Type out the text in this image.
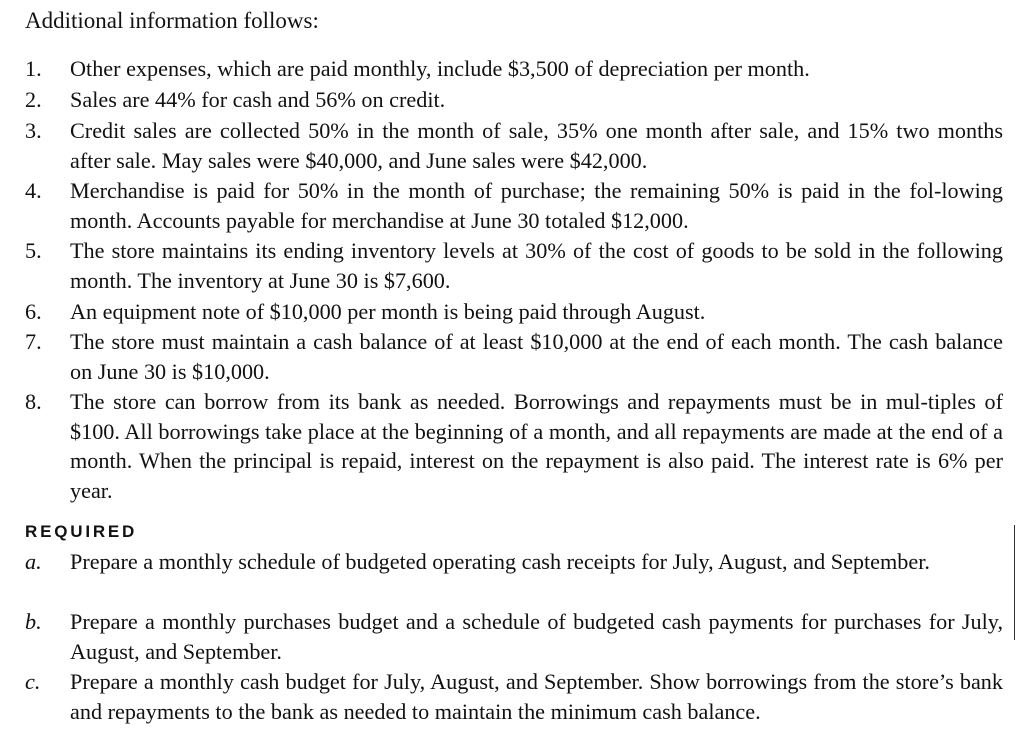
Additional information follows:
1. Other expenses, which are paid monthly, include $3,500 of depreciation per month.
2. Sales are 44% for cash and 56% on credit.
3. Credit sales are collected 50% in the month of sale, 35% one month after sale, and 15% two months after sale. May sales were $40,000, and June sales were $42,000.
4. Merchandise is paid for 50% in the month of purchase; the remaining 50% is paid in the fol-lowing month. Accounts payable for merchandise at June 30 totaled $12,000.
5. The store maintains its ending inventory levels at 30% of the cost of goods to be sold in the following month. The inventory at June 30 is $7,600.
6. An equipment note of $10,000 per month is being paid through August.
7. The store must maintain a cash balance of at least $10,000 at the end of each month. The cash balance on June 30 is $10,000.
8. The store can borrow from its bank as needed. Borrowings and repayments must be in mul-tiples of $100. All borrowings take place at the beginning of a month, and all repayments are made at the end of a month. When the principal is repaid, interest on the repayment is also paid. The interest rate is 6% per year.
REQUIRED
a. Prepare a monthly schedule of budgeted operating cash receipts for July, August, and September.
b. Prepare a monthly purchases budget and a schedule of budgeted cash payments for purchases for July, August, and September.
c. Prepare a monthly cash budget for July, August, and September. Show borrowings from the store’s bank and repayments to the bank as needed to maintain the minimum cash balance.
